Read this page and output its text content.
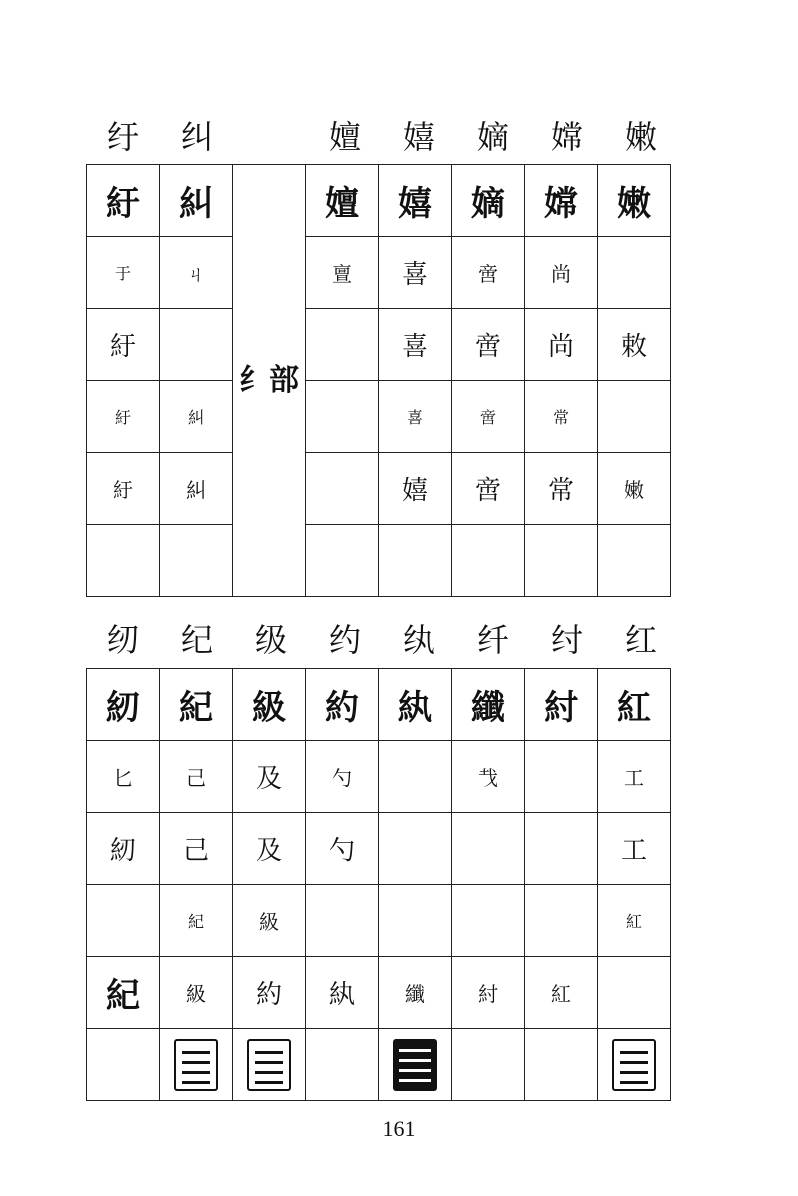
纡	纠	嬗	嬉	嫡	嫦	嫩
紆	糾	纟部	嬗	嬉	嫡	嫦	嫩
于	ㄐ		亶	喜	啻	尚	
紆				喜	啻	尚	敕
紆	糾			喜	啻	常	
紆	糾			嬉	啻	常	嫩

纫	纪	级	约	纨	纤	纣	红
紉	紀	級	約	紈	纖	紂	紅
匕	己	及	勺		𢦏		工
紉	己	及	勺				工
	紀	級					紅
紀	級	約	紈	纖	紂	紅	

161
